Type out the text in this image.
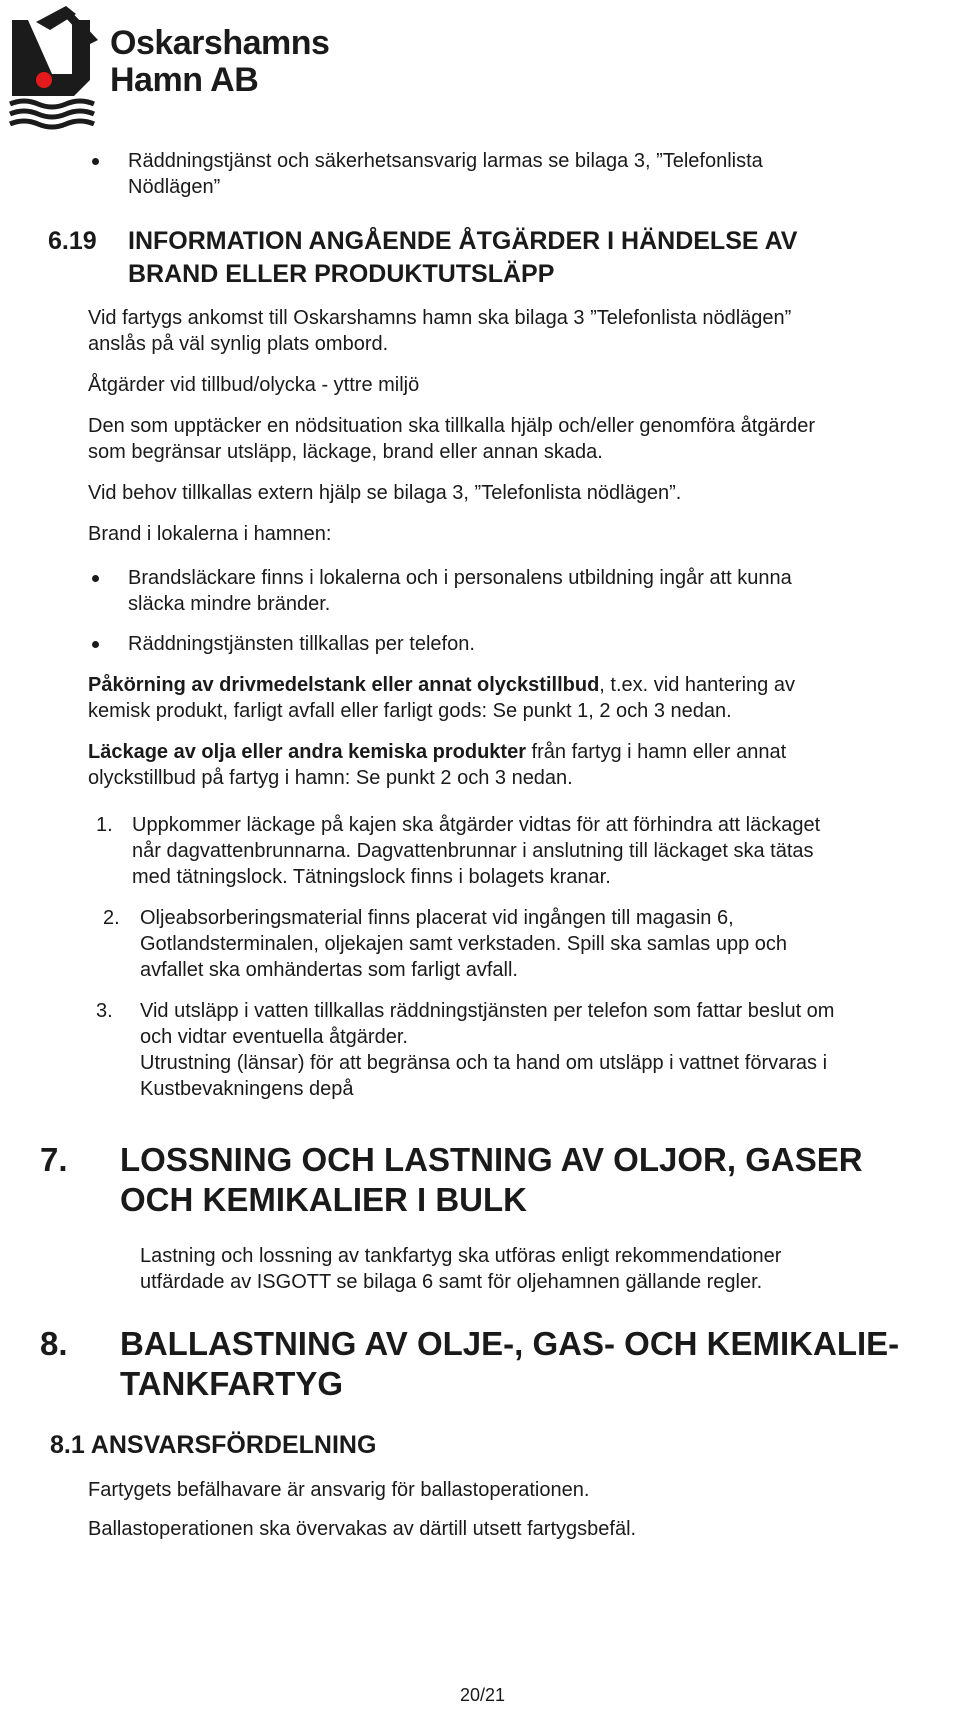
Oskarshamns
Hamn AB
Räddningstjänst och säkerhetsansvarig larmas se bilaga 3, ”Telefonlista
Nödlägen”
6.19 INFORMATION ANGÅENDE ÅTGÄRDER I HÄNDELSE AV
BRAND ELLER PRODUKTUTSLÄPP
Vid fartygs ankomst till Oskarshamns hamn ska bilaga 3 ”Telefonlista nödlägen”
anslås på väl synlig plats ombord.
Åtgärder vid tillbud/olycka - yttre miljö
Den som upptäcker en nödsituation ska tillkalla hjälp och/eller genomföra åtgärder
som begränsar utsläpp, läckage, brand eller annan skada.
Vid behov tillkallas extern hjälp se bilaga 3, ”Telefonlista nödlägen”.
Brand i lokalerna i hamnen:
Brandsläckare finns i lokalerna och i personalens utbildning ingår att kunna
släcka mindre bränder.
Räddningstjänsten tillkallas per telefon.
Påkörning av drivmedelstank eller annat olyckstillbud, t.ex. vid hantering av
kemisk produkt, farligt avfall eller farligt gods: Se punkt 1, 2 och 3 nedan.
Läckage av olja eller andra kemiska produkter från fartyg i hamn eller annat
olyckstillbud på fartyg i hamn: Se punkt 2 och 3 nedan.
1. Uppkommer läckage på kajen ska åtgärder vidtas för att förhindra att läckaget
når dagvattenbrunnarna. Dagvattenbrunnar i anslutning till läckaget ska tätas
med tätningslock. Tätningslock finns i bolagets kranar.
2. Oljeabsorberingsmaterial finns placerat vid ingången till magasin 6,
Gotlandsterminalen, oljekajen samt verkstaden. Spill ska samlas upp och
avfallet ska omhändertas som farligt avfall.
3. Vid utsläpp i vatten tillkallas räddningstjänsten per telefon som fattar beslut om
och vidtar eventuella åtgärder.
Utrustning (länsar) för att begränsa och ta hand om utsläpp i vattnet förvaras i
Kustbevakningens depå
7. LOSSNING OCH LASTNING AV OLJOR, GASER
OCH KEMIKALIER I BULK
Lastning och lossning av tankfartyg ska utföras enligt rekommendationer
utfärdade av ISGOTT se bilaga 6 samt för oljehamnen gällande regler.
8. BALLASTNING AV OLJE-, GAS- OCH KEMIKALIE-
TANKFARTYG
8.1 ANSVARSFÖRDELNING
Fartygets befälhavare är ansvarig för ballastoperationen.
Ballastoperationen ska övervakas av därtill utsett fartygsbefäl.
20/21
